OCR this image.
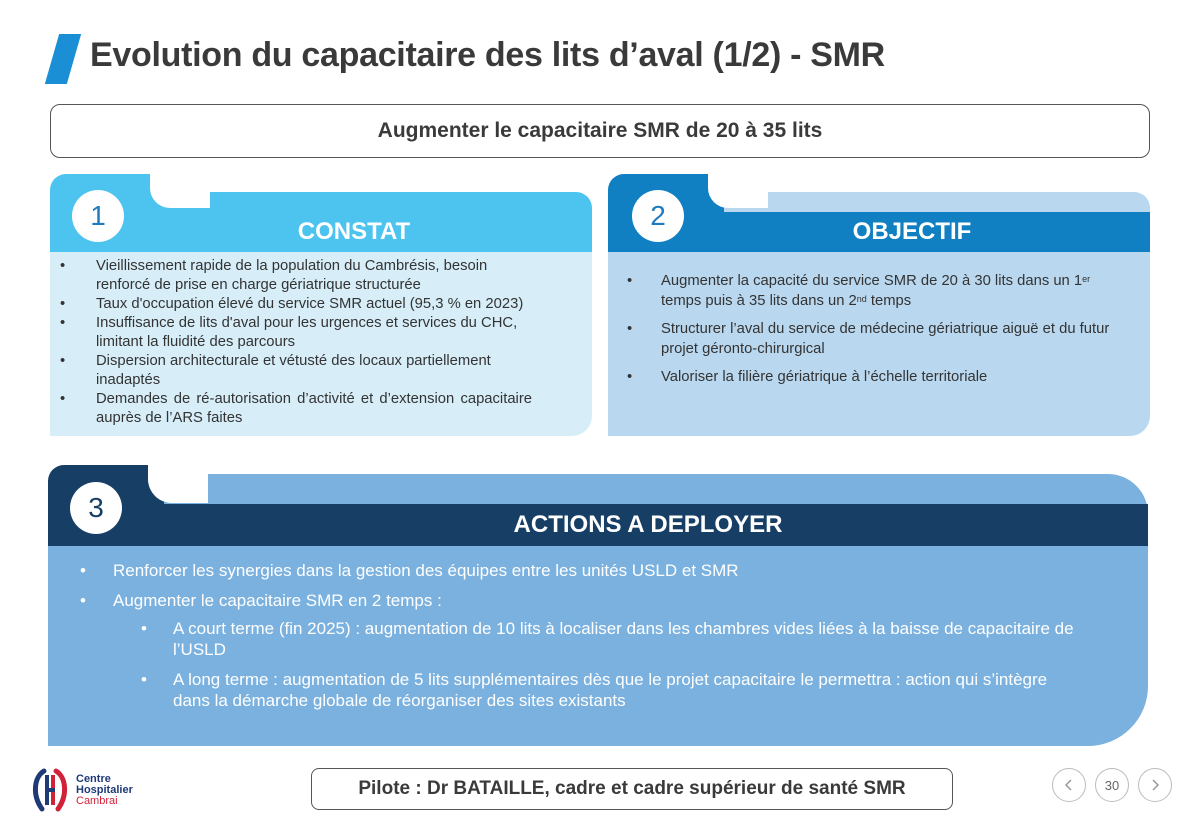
Evolution du capacitaire des lits d’aval (1/2) - SMR
Augmenter le capacitaire SMR de 20 à 35 lits
1
CONSTAT
• Vieillissement rapide de la population du Cambrésis, besoin renforcé de prise en charge gériatrique structurée
• Taux d'occupation élevé du service SMR actuel (95,3 % en 2023)
• Insuffisance de lits d'aval pour les urgences et services du CHC, limitant la fluidité des parcours
• Dispersion architecturale et vétusté des locaux partiellement inadaptés
• Demandes de ré-autorisation d’activité et d’extension capacitaire auprès de l’ARS faites
2
OBJECTIF
• Augmenter la capacité du service SMR de 20 à 30 lits dans un 1er temps puis à 35 lits dans un 2nd temps
• Structurer l’aval du service de médecine gériatrique aiguë et du futur projet géronto-chirurgical
• Valoriser la filière gériatrique à l’échelle territoriale
3
ACTIONS A DEPLOYER
• Renforcer les synergies dans la gestion des équipes entre les unités USLD et SMR
• Augmenter le capacitaire SMR en 2 temps :
• A court terme (fin 2025) : augmentation de 10 lits à localiser dans les chambres vides liées à la baisse de capacitaire de l’USLD
• A long terme : augmentation de 5 lits supplémentaires dès que le projet capacitaire le permettra : action qui s’intègre dans la démarche globale de réorganiser des sites existants
Centre
Hospitalier
Cambrai
Pilote : Dr BATAILLE, cadre et cadre supérieur de santé SMR	30
